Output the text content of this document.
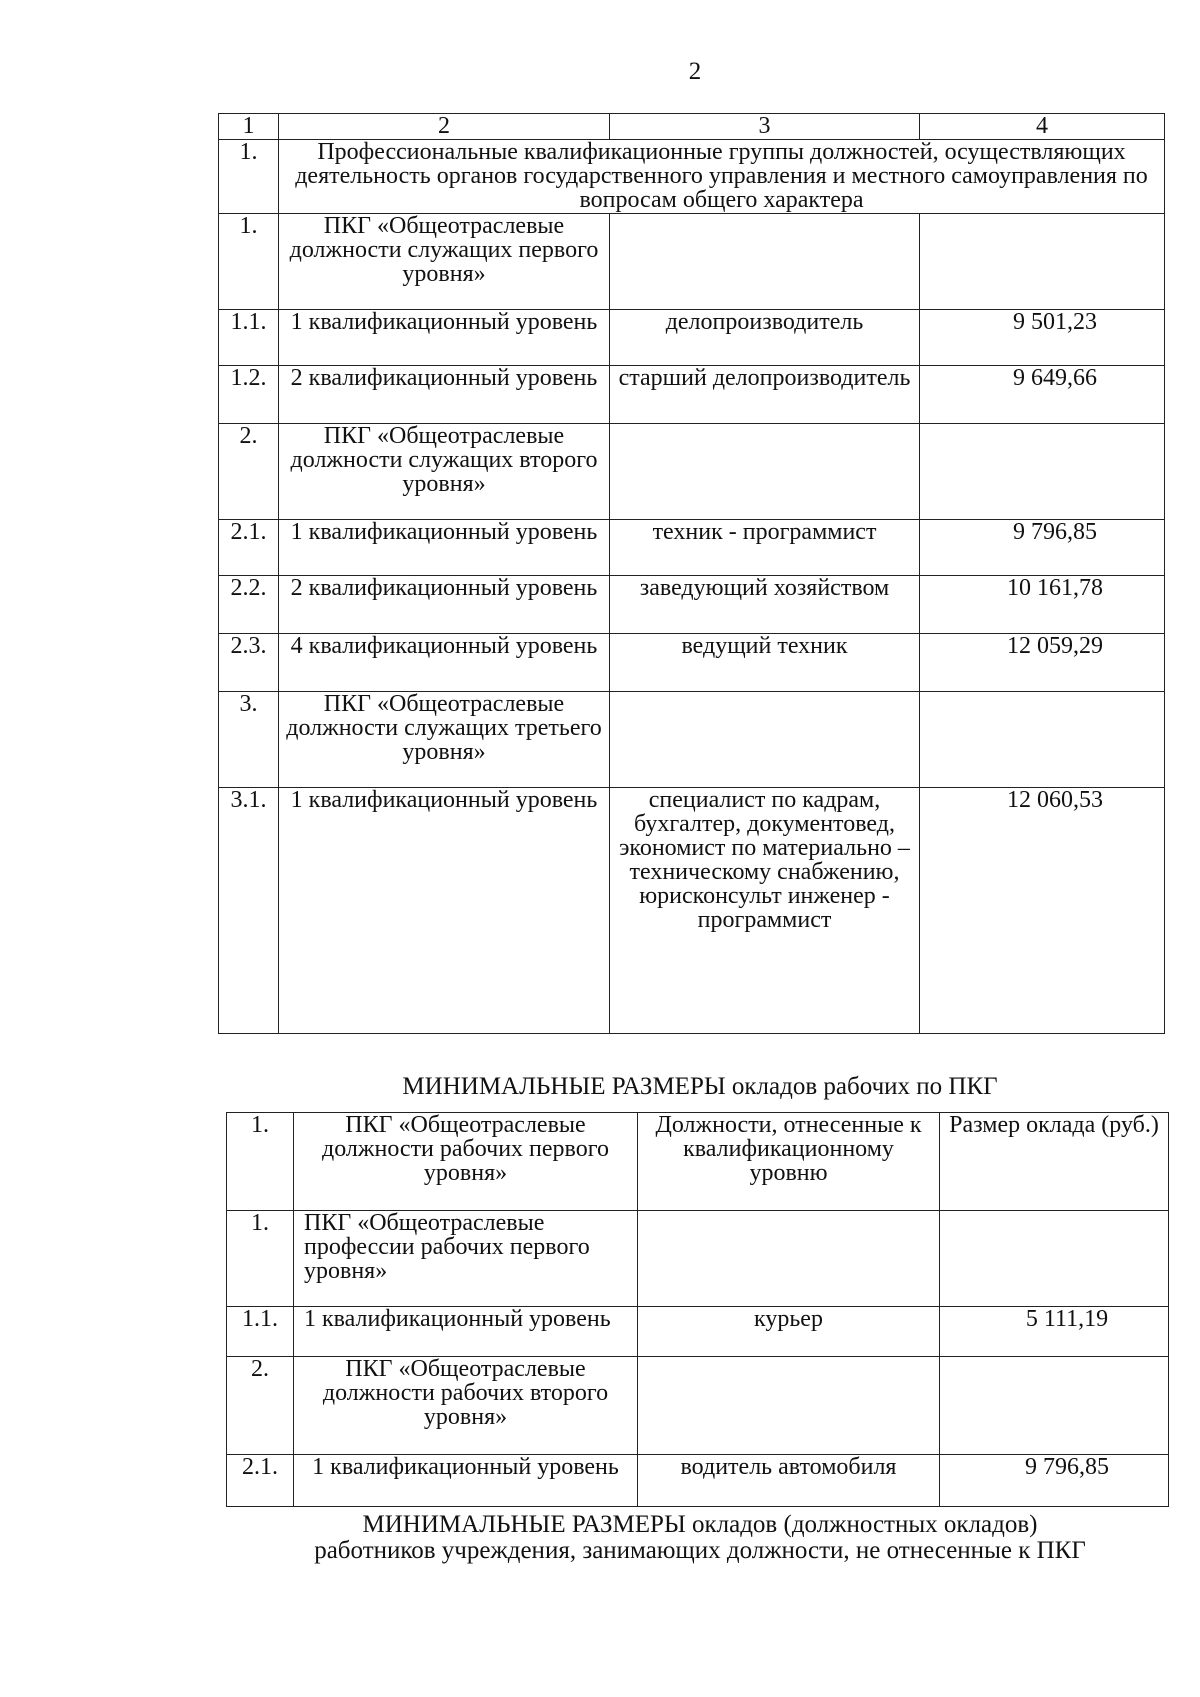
2
1	2	3	4
1.	Профессиональные квалификационные группы должностей, осуществляющих деятельность органов государственного управления и местного самоуправления по вопросам общего характера		
1.	ПКГ «Общеотраслевые должности служащих первого уровня»		
1.1.	1 квалификационный уровень	делопроизводитель	9 501,23
1.2.	2 квалификационный уровень	старший делопроизводитель	9 649,66
2.	ПКГ «Общеотраслевые должности служащих второго уровня»		
2.1.	1 квалификационный уровень	техник - программист	9 796,85
2.2.	2 квалификационный уровень	заведующий хозяйством	10 161,78
2.3.	4 квалификационный уровень	ведущий техник	12 059,29
3.	ПКГ «Общеотраслевые должности служащих третьего уровня»		
3.1.	1 квалификационный уровень	специалист по кадрам, бухгалтер, документовед, экономист по материально – техническому снабжению, юрисконсульт инженер - программист	12 060,53
МИНИМАЛЬНЫЕ РАЗМЕРЫ окладов рабочих по ПКГ
1.	ПКГ «Общеотраслевые должности рабочих первого уровня»	Должности, отнесенные к квалификационному уровню	Размер оклада (руб.)
1.	ПКГ «Общеотраслевые профессии рабочих первого уровня»		
1.1.	1 квалификационный уровень	курьер	5 111,19
2.	ПКГ «Общеотраслевые должности рабочих второго уровня»		
2.1.	1 квалификационный уровень	водитель автомобиля	9 796,85
МИНИМАЛЬНЫЕ РАЗМЕРЫ окладов (должностных окладов)
работников учреждения, занимающих должности, не отнесенные к ПКГ
